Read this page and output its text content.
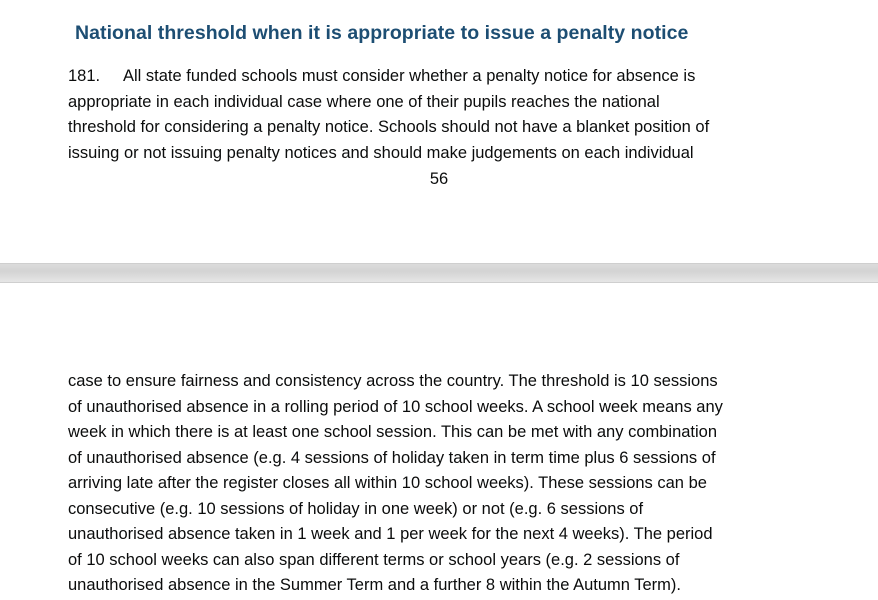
National threshold when it is appropriate to issue a penalty notice

181. All state funded schools must consider whether a penalty notice for absence is
appropriate in each individual case where one of their pupils reaches the national
threshold for considering a penalty notice. Schools should not have a blanket position of
issuing or not issuing penalty notices and should make judgements on each individual

56

case to ensure fairness and consistency across the country. The threshold is 10 sessions
of unauthorised absence in a rolling period of 10 school weeks. A school week means any
week in which there is at least one school session. This can be met with any combination
of unauthorised absence (e.g. 4 sessions of holiday taken in term time plus 6 sessions of
arriving late after the register closes all within 10 school weeks). These sessions can be
consecutive (e.g. 10 sessions of holiday in one week) or not (e.g. 6 sessions of
unauthorised absence taken in 1 week and 1 per week for the next 4 weeks). The period
of 10 school weeks can also span different terms or school years (e.g. 2 sessions of
unauthorised absence in the Summer Term and a further 8 within the Autumn Term).
